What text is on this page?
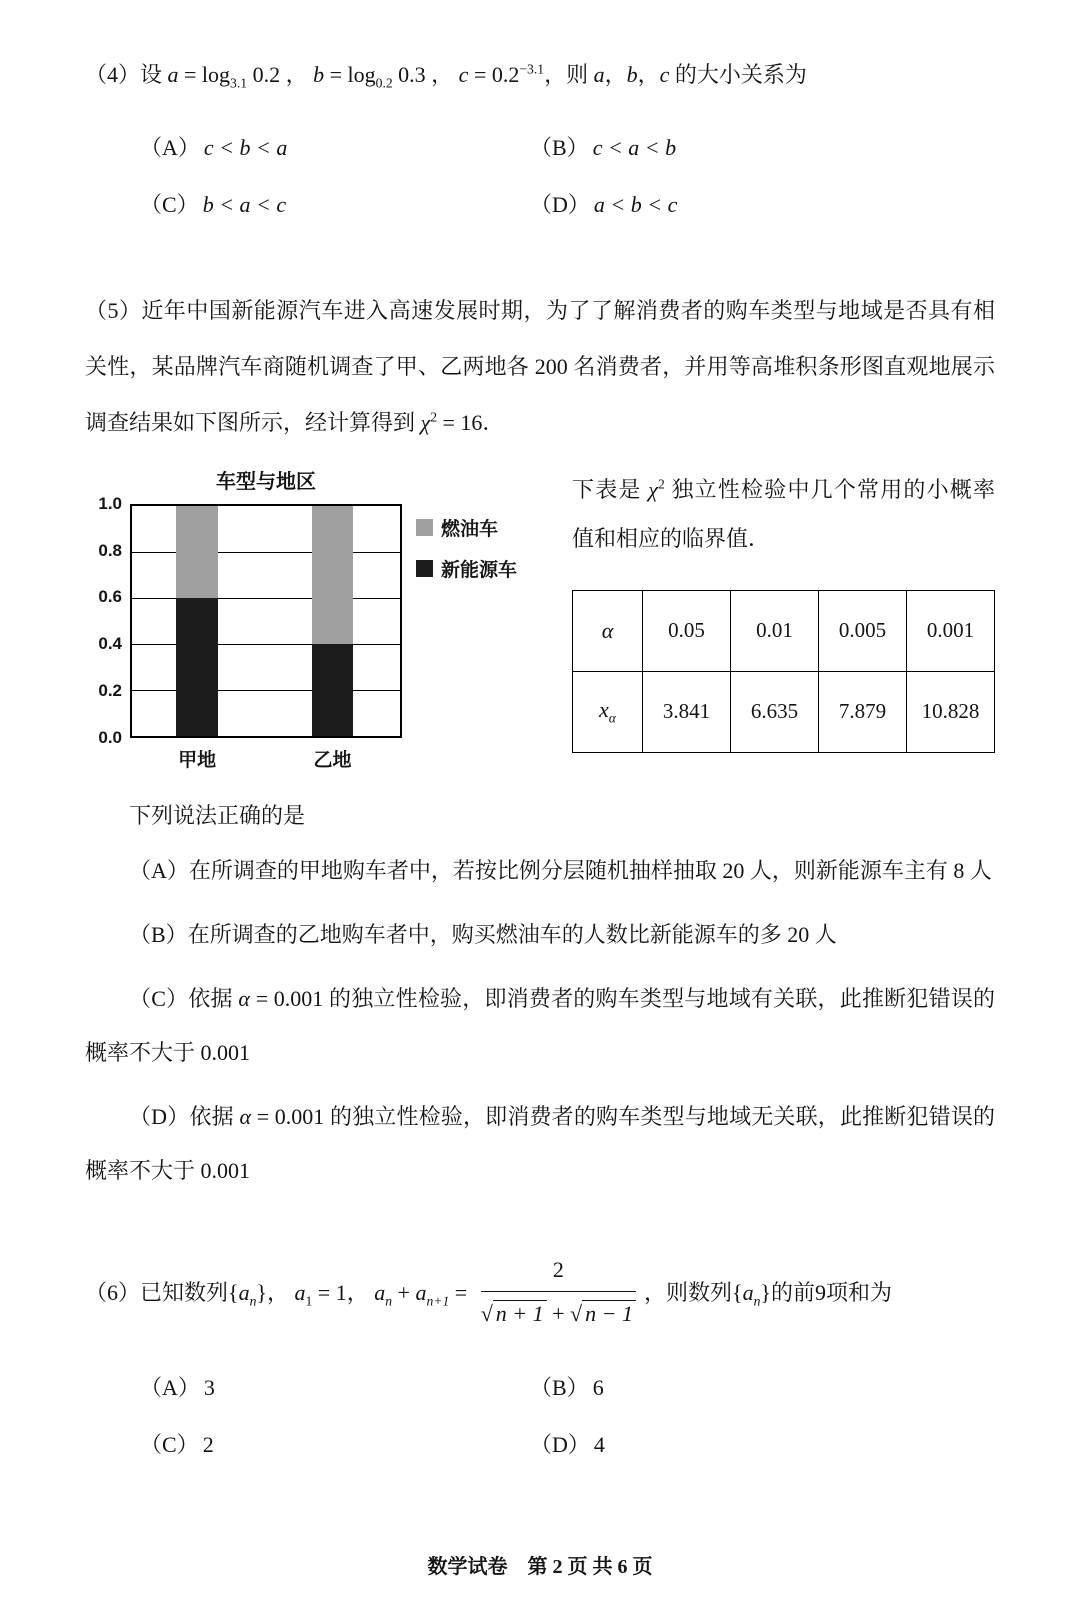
（4）设 $a = \log_{3.1} 0.2$ ， $b = \log_{0.2} 0.3$ ， $c = 0.2^{-3.1}$，则 a，b，c 的大小关系为

（A） c < b < a	（B） c < a < b
（C） b < a < c	（D） a < b < c

（5）近年中国新能源汽车进入高速发展时期，为了了解消费者的购车类型与地域是否具有相关性，某品牌汽车商随机调查了甲、乙两地各 200 名消费者，并用等高堆积条形图直观地展示调查结果如下图所示，经计算得到 $\chi^2 = 16$．

车型与地区
1.0
0.8
0.6
0.4
0.2
0.0
甲地	乙地
燃油车
新能源车

下表是 $\chi^2$ 独立性检验中几个常用的小概率值和相应的临界值．

α	0.05	0.01	0.005	0.001
$x_\alpha$	3.841	6.635	7.879	10.828

下列说法正确的是

（A）在所调查的甲地购车者中，若按比例分层随机抽样抽取 20 人，则新能源车主有 8 人

（B）在所调查的乙地购车者中，购买燃油车的人数比新能源车的多 20 人

（C）依据 α = 0.001 的独立性检验，即消费者的购车类型与地域有关联，此推断犯错误的概率不大于 0.001

（D）依据 α = 0.001 的独立性检验，即消费者的购车类型与地域无关联，此推断犯错误的概率不大于 0.001

（6）已知数列$\{a_n\}$， $a_1 = 1$， $a_n + a_{n+1} = \frac{2}{√ n + 1 + √ n - 1}$ ，则数列$\{a_n\}$的前9项和为

（A） 3	（B） 6
（C） 2	（D） 4
数学试卷　第 2 页 共 6 页
